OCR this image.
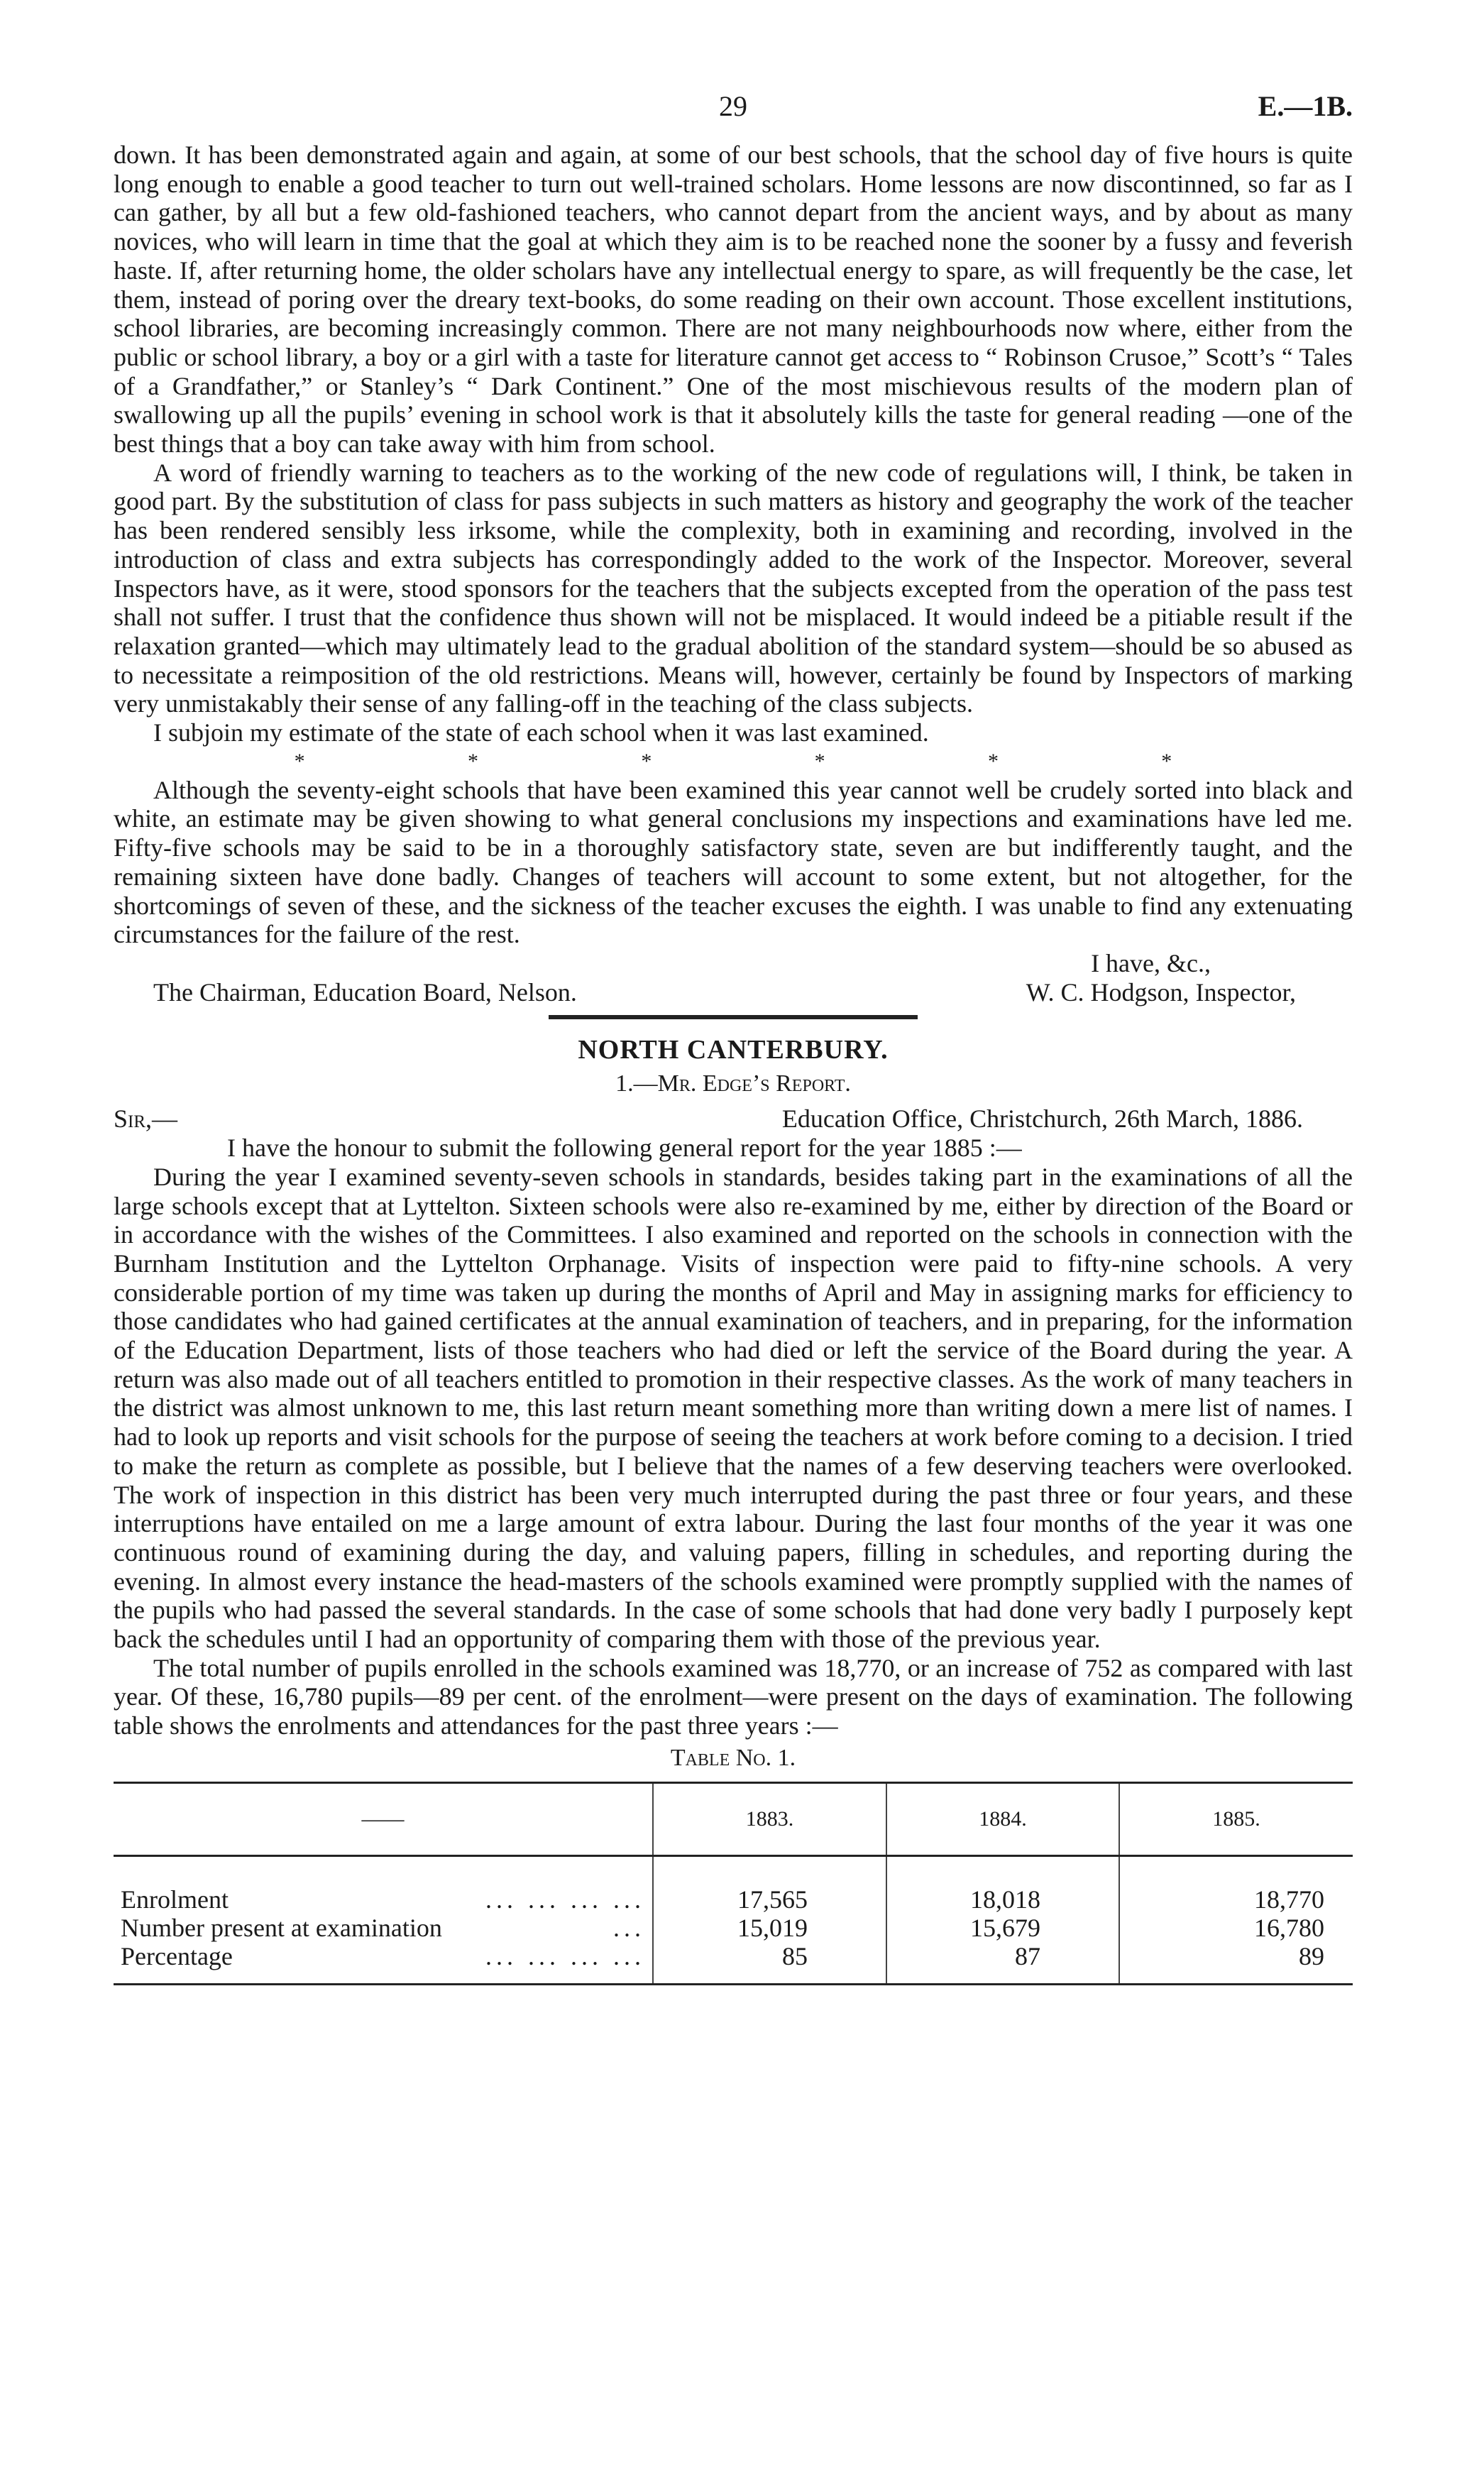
29	E.—1B.

down. It has been demonstrated again and again, at some of our best schools, that the school day of five hours is quite long enough to enable a good teacher to turn out well-trained scholars. Home lessons are now discontinned, so far as I can gather, by all but a few old-fashioned teachers, who cannot depart from the ancient ways, and by about as many novices, who will learn in time that the goal at which they aim is to be reached none the sooner by a fussy and feverish haste. If, after returning home, the older scholars have any intellectual energy to spare, as will frequently be the case, let them, instead of poring over the dreary text-books, do some reading on their own account. Those excellent institutions, school libraries, are becoming increasingly common. There are not many neighbourhoods now where, either from the public or school library, a boy or a girl with a taste for literature cannot get access to “ Robinson Crusoe,” Scott’s “ Tales of a Grandfather,” or Stanley’s “ Dark Continent.” One of the most mischievous results of the modern plan of swallowing up all the pupils’ evening in school work is that it absolutely kills the taste for general reading —one of the best things that a boy can take away with him from school.

A word of friendly warning to teachers as to the working of the new code of regulations will, I think, be taken in good part. By the substitution of class for pass subjects in such matters as history and geography the work of the teacher has been rendered sensibly less irksome, while the complexity, both in examining and recording, involved in the introduction of class and extra subjects has correspondingly added to the work of the Inspector. Moreover, several Inspectors have, as it were, stood sponsors for the teachers that the subjects excepted from the operation of the pass test shall not suffer. I trust that the confidence thus shown will not be misplaced. It would indeed be a pitiable result if the relaxation granted—which may ultimately lead to the gradual abolition of the standard system—should be so abused as to necessitate a reimposition of the old restrictions. Means will, however, certainly be found by Inspectors of marking very unmistakably their sense of any falling-off in the teaching of the class subjects.

I subjoin my estimate of the state of each school when it was last examined.

*	*	*	*	*	*

Although the seventy-eight schools that have been examined this year cannot well be crudely sorted into black and white, an estimate may be given showing to what general conclusions my inspections and examinations have led me. Fifty-five schools may be said to be in a thoroughly satisfactory state, seven are but indifferently taught, and the remaining sixteen have done badly. Changes of teachers will account to some extent, but not altogether, for the shortcomings of seven of these, and the sickness of the teacher excuses the eighth. I was unable to find any extenuating circumstances for the failure of the rest.

I have, &c.,
The Chairman, Education Board, Nelson.	W. C. Hodgson, Inspector,
NORTH CANTERBURY.
1.—Mr. Edge’s Report.
Sir,—	Education Office, Christchurch, 26th March, 1886.

I have the honour to submit the following general report for the year 1885 :—

During the year I examined seventy-seven schools in standards, besides taking part in the examinations of all the large schools except that at Lyttelton. Sixteen schools were also re-examined by me, either by direction of the Board or in accordance with the wishes of the Committees. I also examined and reported on the schools in connection with the Burnham Institution and the Lyttelton Orphanage. Visits of inspection were paid to fifty-nine schools. A very considerable portion of my time was taken up during the months of April and May in assigning marks for efficiency to those candidates who had gained certificates at the annual examination of teachers, and in preparing, for the information of the Education Department, lists of those teachers who had died or left the service of the Board during the year. A return was also made out of all teachers entitled to promotion in their respective classes. As the work of many teachers in the district was almost unknown to me, this last return meant something more than writing down a mere list of names. I had to look up reports and visit schools for the purpose of seeing the teachers at work before coming to a decision. I tried to make the return as complete as possible, but I believe that the names of a few deserving teachers were overlooked. The work of inspection in this district has been very much interrupted during the past three or four years, and these interruptions have entailed on me a large amount of extra labour. During the last four months of the year it was one continuous round of examining during the day, and valuing papers, filling in schedules, and reporting during the evening. In almost every instance the head-masters of the schools examined were promptly supplied with the names of the pupils who had passed the several standards. In the case of some schools that had done very badly I purposely kept back the schedules until I had an opportunity of comparing them with those of the previous year.

The total number of pupils enrolled in the schools examined was 18,770, or an increase of 752 as compared with last year. Of these, 16,780 pupils—89 per cent. of the enrolment—were present on the days of examination. The following table shows the enrolments and attendances for the past three years :—

Table No. 1.
——	1883.	1884.	1885.

Enrolment ... ... ... ...	17,565	18,018	18,770

Number present at examination ...	15,019	15,679	16,780

Percentage ... ... ... ...	85	87	89
